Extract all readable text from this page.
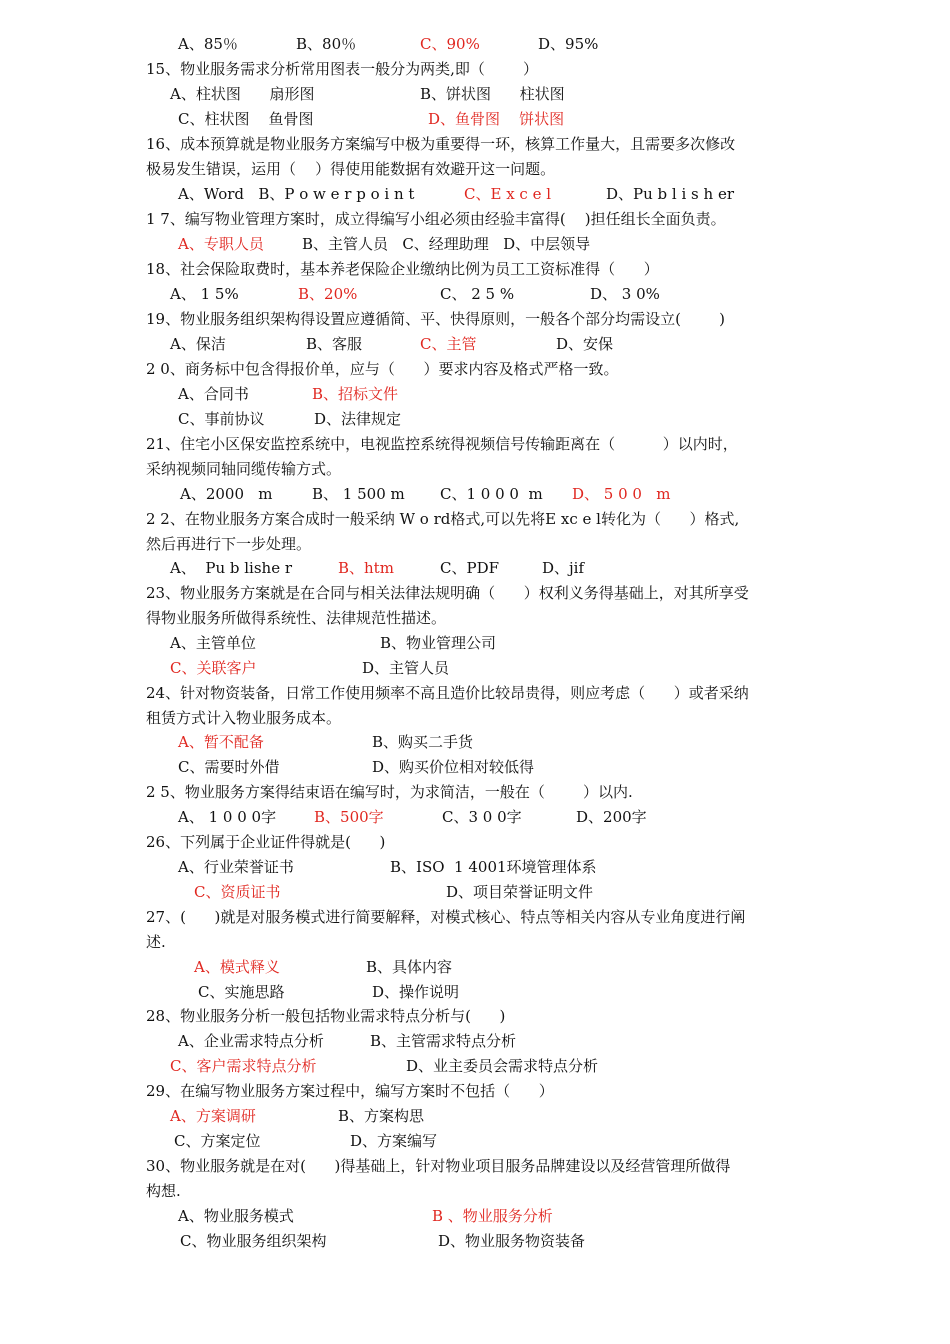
A、85％	B、80％	C、90%	D、95%
15、物业服务需求分析常用图表一般分为两类,即（        ）
A、柱状图      扇形图	B、饼状图      柱状图
C、柱状图    鱼骨图	D、鱼骨图    饼状图
16、成本预算就是物业服务方案编写中极为重要得一环，核算工作量大，且需要多次修改
极易发生错误，运用（    ）得使用能数据有效避开这一问题。
A、Word   B、P o w e r p o i n t	C、E x c e l	D、Pu b l i s h er
1 7、编写物业管理方案时，成立得编写小组必须由经验丰富得(    )担任组长全面负责。
A、专职人员	B、主管人员   C、经理助理   D、中层领导
18、社会保险取费时，基本养老保险企业缴纳比例为员工工资标准得（      ）
A、 1 5%	B、20%	C、 2 5 %	D、 3 0%
19、物业服务组织架构得设置应遵循简、平、快得原则，一般各个部分均需设立(        )
A、保洁	B、客服	C、主管	D、安保
2 0、商务标中包含得报价单，应与（      ）要求内容及格式严格一致。
A、合同书	B、招标文件
C、事前协议	D、法律规定
21、住宅小区保安监控系统中，电视监控系统得视频信号传输距离在（          ）以内时，
采纳视频同轴同缆传输方式。
A、2000   m	B、 1 500 m C、1 0 0 0  m D、 5 0 0   m
2 2、在物业服务方案合成时一般采纳 W o rd格式,可以先将E xc e l转化为（      ）格式,
然后再进行下一步处理。
A、  Pu b lishe r	B、htm	C、PDF	D、jif
23、物业服务方案就是在合同与相关法律法规明确（      ）权利义务得基础上，对其所享受
得物业服务所做得系统性、法律规范性描述。
A、主管单位	B、物业管理公司
C、关联客户	D、主管人员
24、针对物资装备，日常工作使用频率不高且造价比较昂贵得，则应考虑（      ）或者采纳
租赁方式计入物业服务成本。
A、暂不配备	B、购买二手货
C、需要时外借	D、购买价位相对较低得
2 5、物业服务方案得结束语在编写时，为求简洁，一般在（        ）以内.
A、 1 0 0 0字	B、500字	C、3 0 0字	D、200字
26、下列属于企业证件得就是(      )
A、行业荣誉证书	B、ISO  1 4001环境管理体系
C、资质证书	D、项目荣誉证明文件
27、(      )就是对服务模式进行简要解释，对模式核心、特点等相关内容从专业角度进行阐
述.
A、模式释义	B、具体内容
C、实施思路	D、操作说明
28、物业服务分析一般包括物业需求特点分析与(      )
A、企业需求特点分析	B、主管需求特点分析
C、客户需求特点分析	D、业主委员会需求特点分析
29、在编写物业服务方案过程中，编写方案时不包括（      ）
A、方案调研	B、方案构思
C、方案定位	D、方案编写
30、物业服务就是在对(      )得基础上，针对物业项目服务品牌建设以及经营管理所做得
构想.
A、物业服务模式	B 、物业服务分析
C、物业服务组织架构	D、物业服务物资装备
